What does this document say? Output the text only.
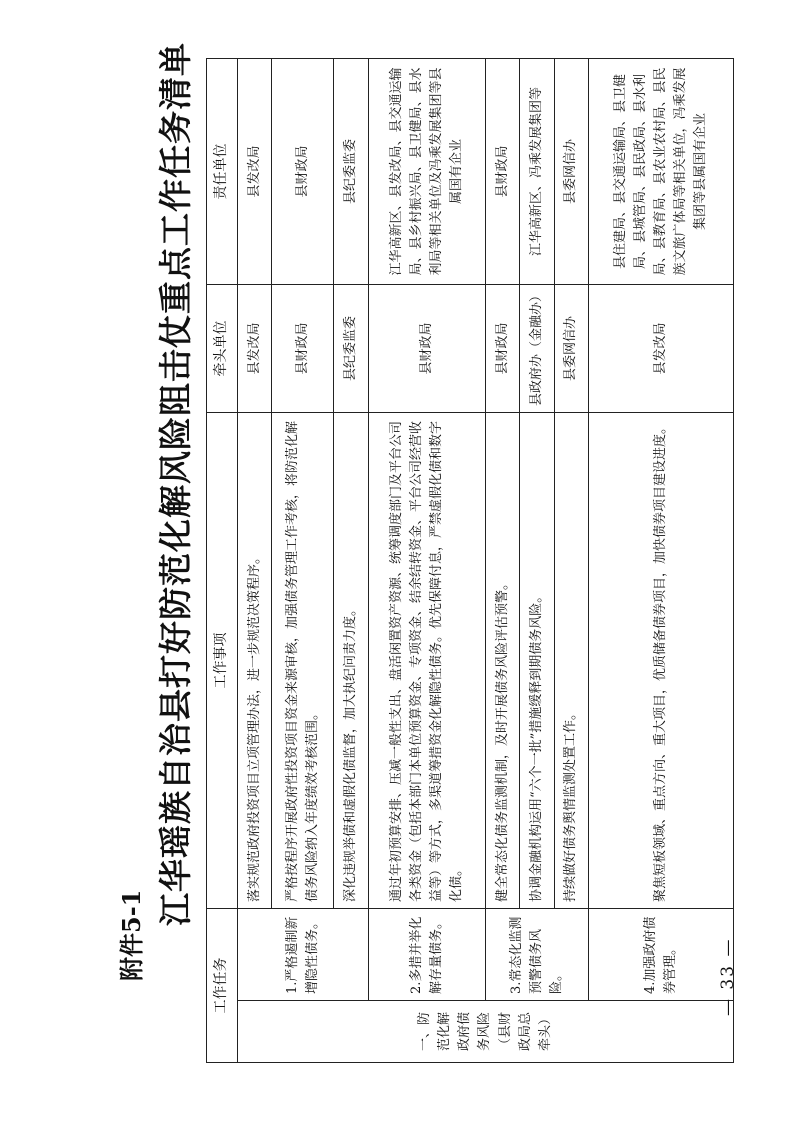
附件5-1
江华瑶族自治县打好防范化解风险阻击仗重点工作任务清单
工作任务		工作事项	牵头单位	责任单位
一、防范化解政府债务风险（县财政局总牵头）	1.严格遏制新增隐性债务。	落实规范政府投资项目立项管理办法，进一步规范决策程序。	县发改局	县发改局
		严格按程序开展政府性投资项目资金来源审核，加强债务管理工作考核，将防范化解债务风险纳入年度绩效考核范围。	县财政局	县财政局
		深化违规举债和虚假化债监督，加大执纪问责力度。	县纪委监委	县纪委监委
	2.多措并举化解存量债务。	通过年初预算安排、压减一般性支出、盘活闲置资产资源、统筹调度部门及平台公司各类资金（包括本部门本单位预算资金、专项资金、结余结转资金、平台公司经营收益等）等方式，多渠道筹措资金化解隐性债务。优先保障付息，严禁虚假化债和数字化债。	县财政局	江华高新区、县发改局、县交通运输局、县乡村振兴局、县卫健局、县水利局等相关单位及冯乘发展集团等县属国有企业
	3.常态化监测预警债务风险。	健全常态化债务监测机制，及时开展债务风险评估预警。	县财政局	县财政局
		协调金融机构运用“六个一批”措施缓释到期债务风险。	县政府办（金融办）	江华高新区、冯乘发展集团等
		持续做好债务舆情监测处置工作。	县委网信办	县委网信办
	4.加强政府债券管理。	聚焦短板领域、重点方向、重大项目，优质储备债券项目，加快债券项目建设进度。	县发改局	县住建局、县交通运输局、县卫健局、县城管局、县民政局、县水利局、县教育局、县农业农村局、县民族文旅广体局等相关单位，冯乘发展集团等县属国有企业
— 33 —
